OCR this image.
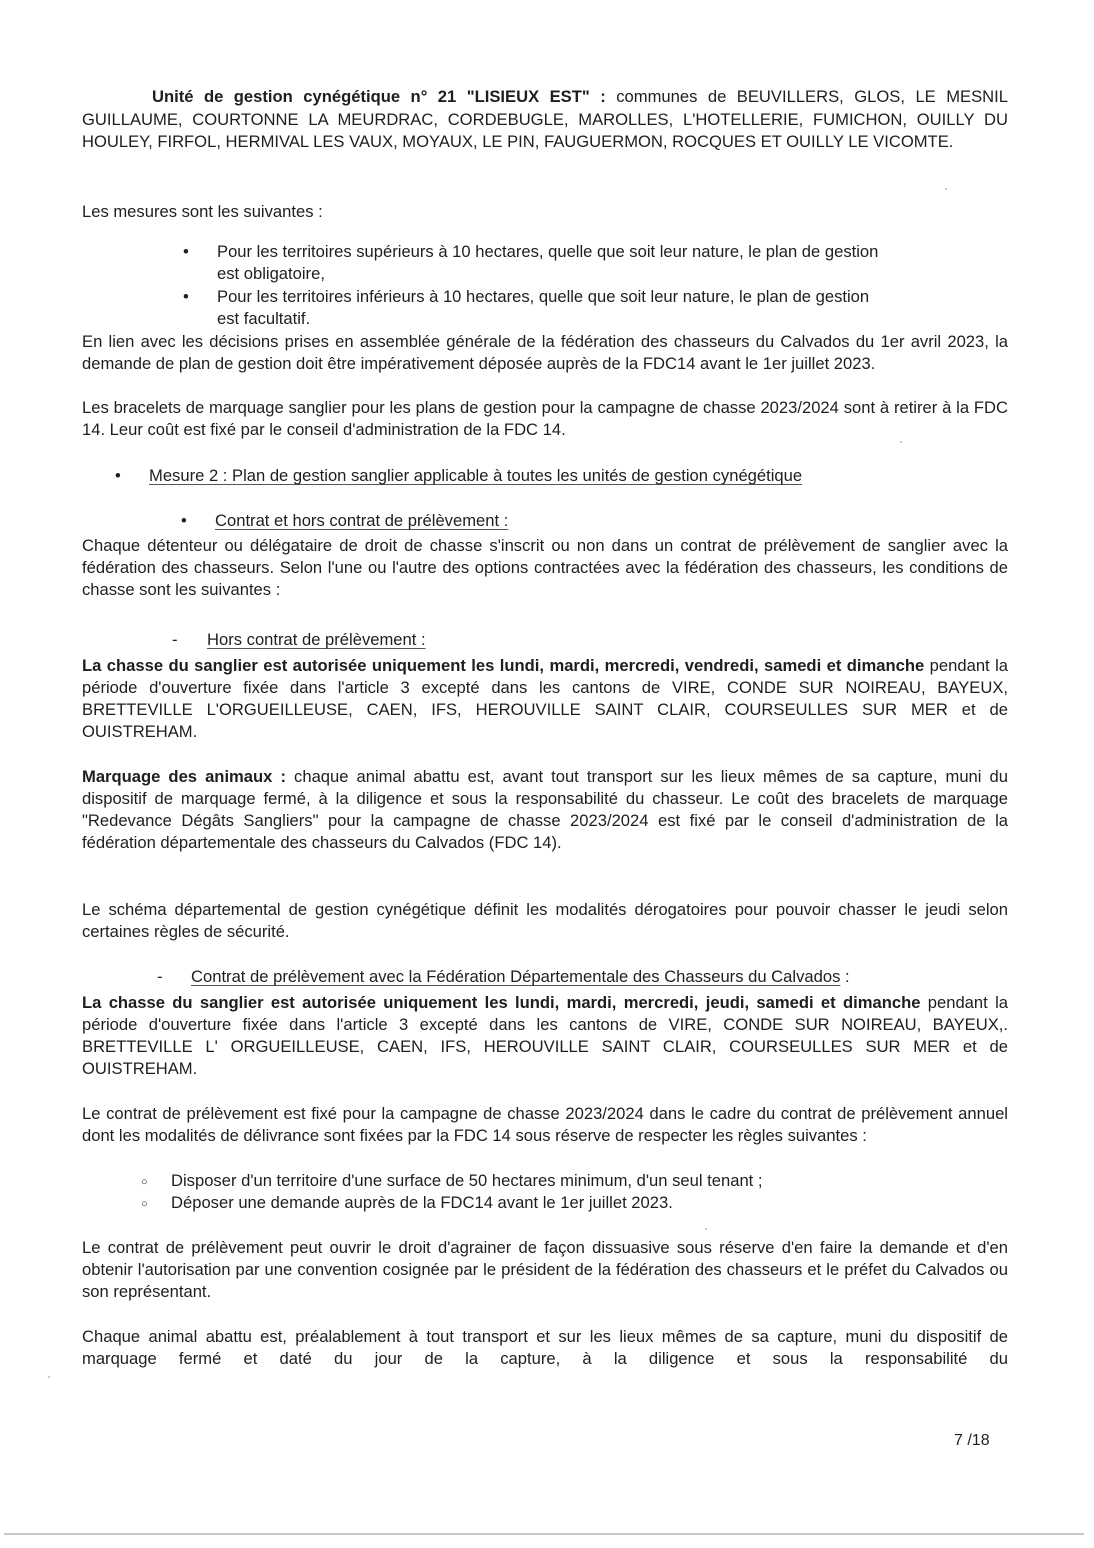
Unité de gestion cynégétique n° 21 "LISIEUX EST" : communes de BEUVILLERS, GLOS, LE MESNIL GUILLAUME, COURTONNE LA MEURDRAC, CORDEBUGLE, MAROLLES, L'HOTELLERIE, FUMICHON, OUILLY DU HOULEY, FIRFOL, HERMIVAL LES VAUX, MOYAUX, LE PIN, FAUGUERMON, ROCQUES ET OUILLY LE VICOMTE.

Les mesures sont les suivantes :

• Pour les territoires supérieurs à 10 hectares, quelle que soit leur nature, le plan de gestion
est obligatoire,
• Pour les territoires inférieurs à 10 hectares, quelle que soit leur nature, le plan de gestion
est facultatif.

En lien avec les décisions prises en assemblée générale de la fédération des chasseurs du Calvados du 1er avril 2023, la demande de plan de gestion doit être impérativement déposée auprès de la FDC14 avant le 1er juillet 2023.

Les bracelets de marquage sanglier pour les plans de gestion pour la campagne de chasse 2023/2024 sont à retirer à la FDC 14. Leur coût est fixé par le conseil d'administration de la FDC 14.

• Mesure 2 : Plan de gestion sanglier applicable à toutes les unités de gestion cynégétique
• Contrat et hors contrat de prélèvement :

Chaque détenteur ou délégataire de droit de chasse s'inscrit ou non dans un contrat de prélèvement de sanglier avec la fédération des chasseurs. Selon l'une ou l'autre des options contractées avec la fédération des chasseurs, les conditions de chasse sont les suivantes :

- Hors contrat de prélèvement :

La chasse du sanglier est autorisée uniquement les lundi, mardi, mercredi, vendredi, samedi et dimanche pendant la période d'ouverture fixée dans l'article 3 excepté dans les cantons de VIRE, CONDE SUR NOIREAU, BAYEUX, BRETTEVILLE L'ORGUEILLEUSE, CAEN, IFS, HEROUVILLE SAINT CLAIR, COURSEULLES SUR MER et de OUISTREHAM.

Marquage des animaux : chaque animal abattu est, avant tout transport sur les lieux mêmes de sa capture, muni du dispositif de marquage fermé, à la diligence et sous la responsabilité du chasseur. Le coût des bracelets de marquage "Redevance Dégâts Sangliers" pour la campagne de chasse 2023/2024 est fixé par le conseil d'administration de la fédération départementale des chasseurs du Calvados (FDC 14).

Le schéma départemental de gestion cynégétique définit les modalités dérogatoires pour pouvoir chasser le jeudi selon certaines règles de sécurité.

- Contrat de prélèvement avec la Fédération Départementale des Chasseurs du Calvados :

La chasse du sanglier est autorisée uniquement les lundi, mardi, mercredi, jeudi, samedi et dimanche pendant la période d'ouverture fixée dans l'article 3 excepté dans les cantons de VIRE, CONDE SUR NOIREAU, BAYEUX,. BRETTEVILLE L' ORGUEILLEUSE, CAEN, IFS, HEROUVILLE SAINT CLAIR, COURSEULLES SUR MER et de OUISTREHAM.

Le contrat de prélèvement est fixé pour la campagne de chasse 2023/2024 dans le cadre du contrat de prélèvement annuel dont les modalités de délivrance sont fixées par la FDC 14 sous réserve de respecter les règles suivantes :

○ Disposer d'un territoire d'une surface de 50 hectares minimum, d'un seul tenant ;
○ Déposer une demande auprès de la FDC14 avant le 1er juillet 2023.

Le contrat de prélèvement peut ouvrir le droit d'agrainer de façon dissuasive sous réserve d'en faire la demande et d'en obtenir l'autorisation par une convention cosignée par le président de la fédération des chasseurs et le préfet du Calvados ou son représentant.

Chaque animal abattu est, préalablement à tout transport et sur les lieux mêmes de sa capture, muni du dispositif de marquage fermé et daté du jour de la capture, à la diligence et sous la responsabilité du

7 /18
